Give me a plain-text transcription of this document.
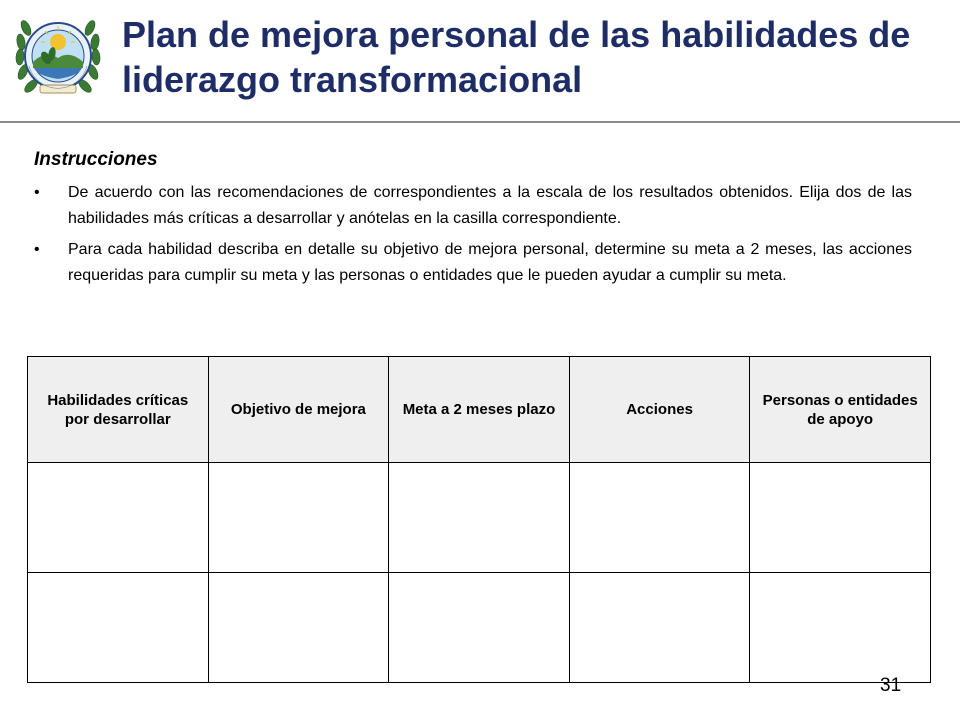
Plan de mejora personal de las habilidades de liderazgo transformacional
Instrucciones
•	De acuerdo con las recomendaciones de correspondientes a la escala de los resultados obtenidos. Elija dos de las habilidades más críticas a desarrollar y anótelas en la casilla correspondiente.
•	Para cada habilidad describa en detalle su objetivo de mejora personal, determine su meta a 2 meses, las acciones requeridas para cumplir su meta y las personas o entidades que le pueden ayudar a cumplir su meta.
Habilidades críticas por desarrollar	Objetivo de mejora	Meta a 2 meses plazo	Acciones	Personas o entidades de apoyo

31
